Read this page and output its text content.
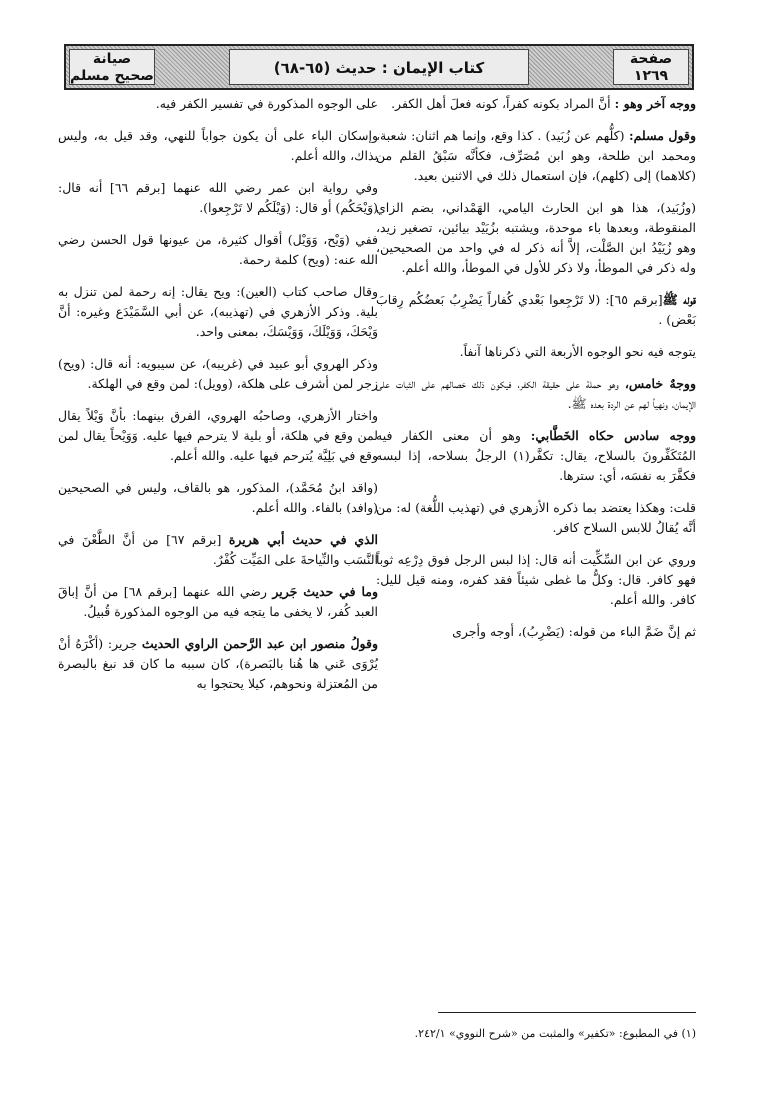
صفحة
١٢٦٩
كتاب الإيمان : حديث (٦٥-٦٨)
صيانة
صحيح مسلم

ووجه آخر وهو : أنَّ المراد بكونه كفراً، كونه فعلَ أهل الكفر.

وقول مسلم: (كلُّهم عن زُبَيد) . كذا وقع، وإنما هم اثنان: شعبة، ومحمد ابن طلحة، وهو ابن مُصَرِّف، فكأنَّه سَبْقُ القلم من (كلاهما) إلى (كلهم)، فإن استعمال ذلك في الاثنين بعيد.

(وزُبَيد)، هذا هو ابن الحارث اليامي، الهَمْداني، بضم الزاي المنقوطة، وبعدها باء موحدة، ويشتبه بزُيَيْد بيائين، تصغير زيد، وهو زُيَيْدُ ابن الصَّلْت، إلاَّ أنه ذكر له في واحد من الصحيحين، وله ذكر في الموطأ، ولا ذكر للأول في الموطأ، والله أعلم.

قوله ﷺ[برقم ٦٥]: (لا تَرْجِعوا بَعْدي كُفاراً يَضْرِبُ بَعضُكُم رِقابَ بَعْض) .

يتوجه فيه نحو الوجوه الأربعة التي ذكرناها آنفاً.

ووجهٌ خامس، وهو حملة على حقيقة الكفر، فيكون ذلك خصالهم على الثبات على الإيمان، ونهياً لهم عن الردة بعده ﷺ.

ووجه سادس حكاه الخَطَّابي: وهو أن معنى الكفار فيه المُتَكَفِّرونَ بالسلاح، يقال: تكفَّر(١) الرجلُ بسلاحه، إذا لبسه فكفَّرَ به نفسَه، أي: سترها.

قلت: وهكذا يعتضد بما ذكره الأزهري في (تهذيب اللُّغة) له: من أنَّه يُقالُ للابس السلاح كافر.

وروي عن ابن السِّكِّيت أنه قال: إذا لبس الرجل فوق دِرْعِه ثوباً فهو كافر. قال: وكلُّ ما غطى شيئاً فقد كفره، ومنه قيل لليل: كافر. والله أعلم.

ثم إنَّ ضَمَّ الباء من قوله: (يَضْرِبُ)، أوجه وأجرى

على الوجوه المذكورة في تفسير الكفر فيه.

وإسكان الباء على أن يكون جواباً للنهي، وقد قيل به، وليس بذاك، والله أعلم.

وفي رواية ابن عمر رضي الله عنهما [برقم ٦٦] أنه قال: (وَيْحَكُم) أو قال: (وَيْلَكُم لا تَرْجِعوا).

ففي (وَيْح، وَوَيْل) أقوال كثيرة، من عيونها قول الحسن رضي الله عنه: (ويح) كلمة رحمة.

وقال صاحب كتاب (العين): ويح يقال: إنه رحمة لمن تنزل به بلية. وذكر الأزهري في (تهذيبه)، عن أبي السَّمَيْدَع وغيره: أنَّ وَيْحَكَ، وَوَيْلَكَ، وَوَيْسَكَ، بمعنى واحد.

وذكر الهروي أبو عبيد في (غريبه)، عن سيبويه: أنه قال: (ويح) زجر لمن أشرف على هلكة، (وويل): لمن وقع في الهلكة.

واختار الأزهري، وصاحبُه الهروي، الفرق بينهما: بأنَّ وَيْلاً يقال لمن وقع في هلكة، أو بلية لا يترحم فيها عليه. وَوَيْحاً يقال لمن وقع في بَلِيَّة يُترحم فيها عليه. والله أعلم.

(واقد ابنُ مُحَمَّد)، المذكور، هو بالقاف، وليس في الصحيحين (وافد) بالفاء. والله أعلم.

الذي في حديث أبي هريرة [برقم ٦٧] من أنَّ الطَّعْنَ في النَّسَب والنِّياحةَ على المَيِّت كُفْرٌ.

وما في حديث جَرير رضي الله عنهما [برقم ٦٨] من أنَّ إباقَ العبد كُفر، لا يخفى ما يتجه فيه من الوجوه المذكورة قُبيلُ.

وقولُ منصور ابن عبد الرَّحمن الراوي الحديث جرير: (أكْرَهُ أنْ يُرْوَى عَني ها هُنا بالبَصرة)، كان سببه ما كان قد نبغ بالبصرة من المُعتزلة ونحوهم، كيلا يحتجوا به

(١) في المطبوع: «تكفير» والمثبت من «شرح النووي» ٢٤٢/١.
